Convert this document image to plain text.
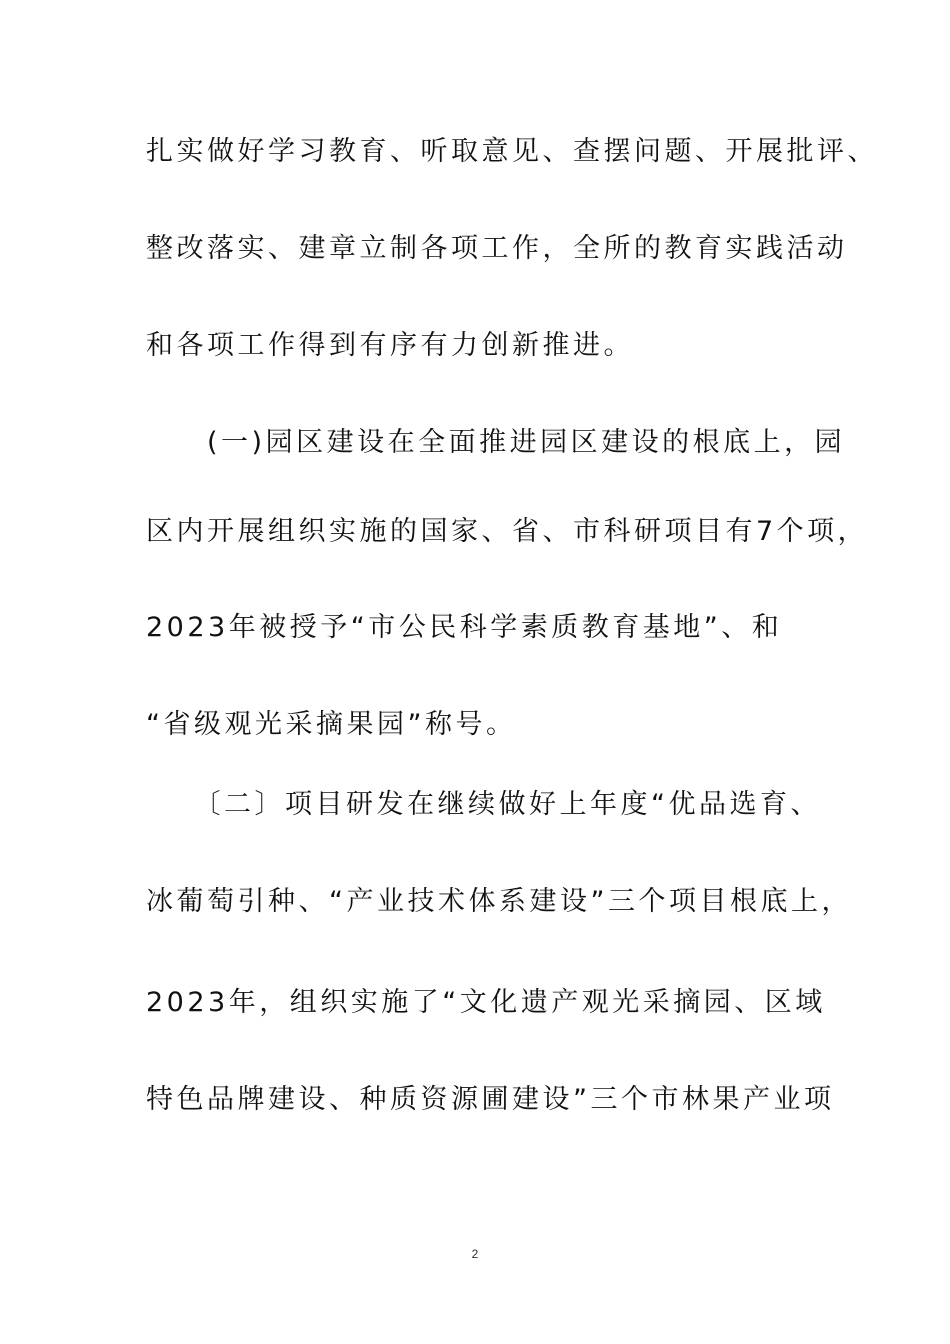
扎实做好学习教育、听取意见、查摆问题、开展批评、
整改落实、建章立制各项工作，全所的教育实践活动
和各项工作得到有序有力创新推进。
　　(一)园区建设在全面推进园区建设的根底上，园
区内开展组织实施的国家、省、市科研项目有7个项，
2023年被授予“市公民科学素质教育基地”、和
“省级观光采摘果园”称号。
　　〔二〕项目研发在继续做好上年度“优品选育、
冰葡萄引种、“产业技术体系建设”三个项目根底上，
2023年，组织实施了“文化遗产观光采摘园、区域
特色品牌建设、种质资源圃建设”三个市林果产业项
2
